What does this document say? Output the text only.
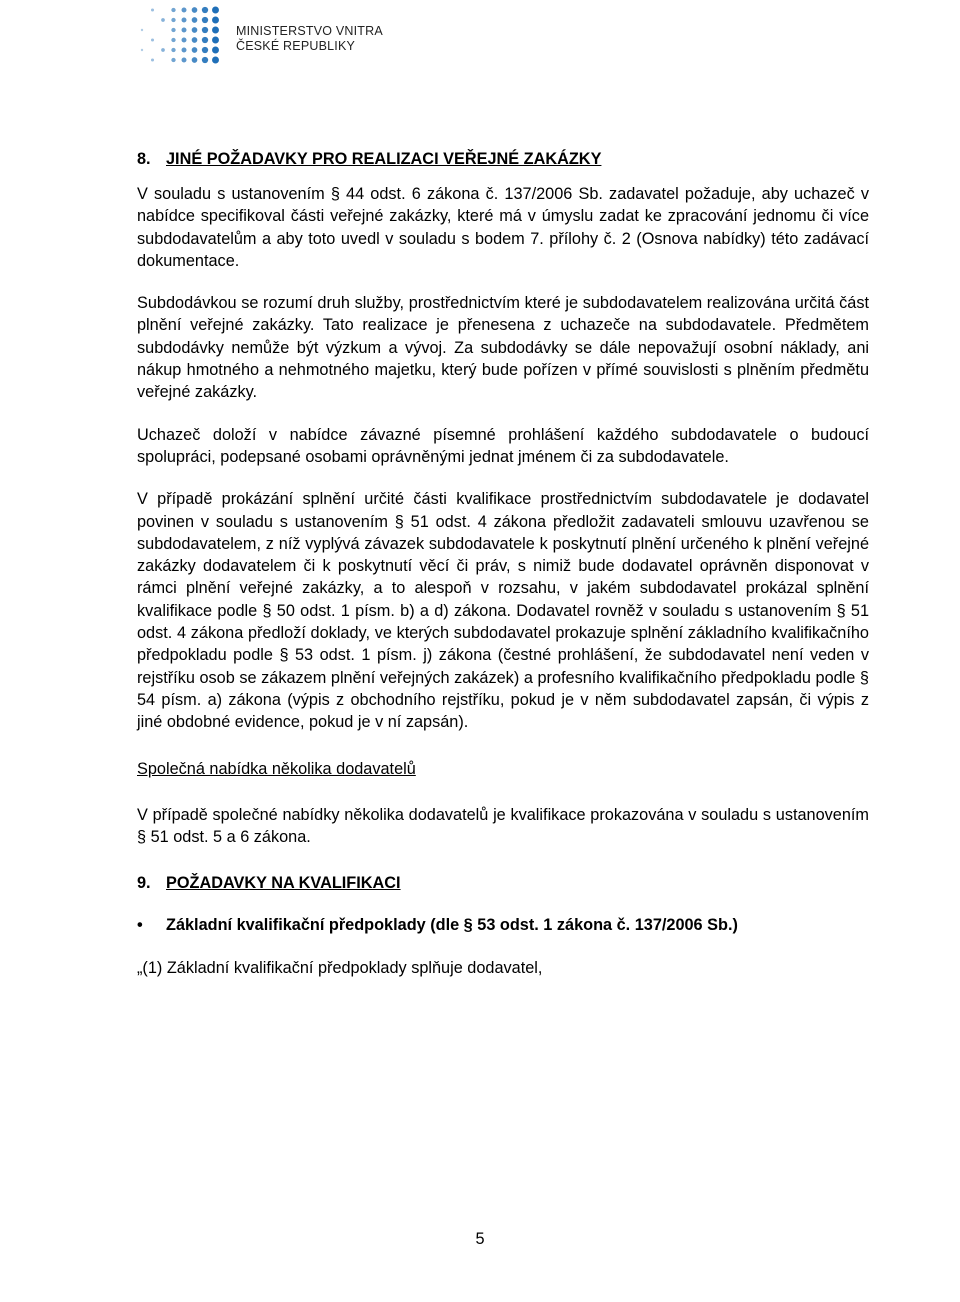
MINISTERSTVO VNITRA
ČESKÉ REPUBLIKY
8. JINÉ POŽADAVKY PRO REALIZACI VEŘEJNÉ ZAKÁZKY

V souladu s ustanovením § 44 odst. 6 zákona č. 137/2006 Sb. zadavatel požaduje, aby uchazeč v nabídce specifikoval části veřejné zakázky, které má v úmyslu zadat ke zpracování jednomu či více subdodavatelům a aby toto uvedl v souladu s bodem 7. přílohy č. 2 (Osnova nabídky) této zadávací dokumentace.

Subdodávkou se rozumí druh služby, prostřednictvím které je subdodavatelem realizována určitá část plnění veřejné zakázky. Tato realizace je přenesena z uchazeče na subdodavatele. Předmětem subdodávky nemůže být výzkum a vývoj. Za subdodávky se dále nepovažují osobní náklady, ani nákup hmotného a nehmotného majetku, který bude pořízen v přímé souvislosti s plněním předmětu veřejné zakázky.

Uchazeč doloží v nabídce závazné písemné prohlášení každého subdodavatele o budoucí spolupráci, podepsané osobami oprávněnými jednat jménem či za subdodavatele.

V případě prokázání splnění určité části kvalifikace prostřednictvím subdodavatele je dodavatel povinen v souladu s ustanovením § 51 odst. 4 zákona předložit zadavateli smlouvu uzavřenou se subdodavatelem, z níž vyplývá závazek subdodavatele k poskytnutí plnění určeného k plnění veřejné zakázky dodavatelem či k poskytnutí věcí či práv, s nimiž bude dodavatel oprávněn disponovat v rámci plnění veřejné zakázky, a to alespoň v rozsahu, v jakém subdodavatel prokázal splnění kvalifikace podle § 50 odst. 1 písm. b) a d) zákona. Dodavatel rovněž v souladu s ustanovením § 51 odst. 4 zákona předloží doklady, ve kterých subdodavatel prokazuje splnění základního kvalifikačního předpokladu podle § 53 odst. 1 písm. j) zákona (čestné prohlášení, že subdodavatel není veden v rejstříku osob se zákazem plnění veřejných zakázek) a profesního kvalifikačního předpokladu podle § 54 písm. a) zákona (výpis z obchodního rejstříku, pokud je v něm subdodavatel zapsán, či výpis z jiné obdobné evidence, pokud je v ní zapsán).

Společná nabídka několika dodavatelů

V případě společné nabídky několika dodavatelů je kvalifikace prokazována v souladu s ustanovením § 51 odst. 5 a 6 zákona.

9. POŽADAVKY NA KVALIFIKACI
•	Základní kvalifikační předpoklady (dle § 53 odst. 1 zákona č. 137/2006 Sb.)

„(1) Základní kvalifikační předpoklady splňuje dodavatel,

5
